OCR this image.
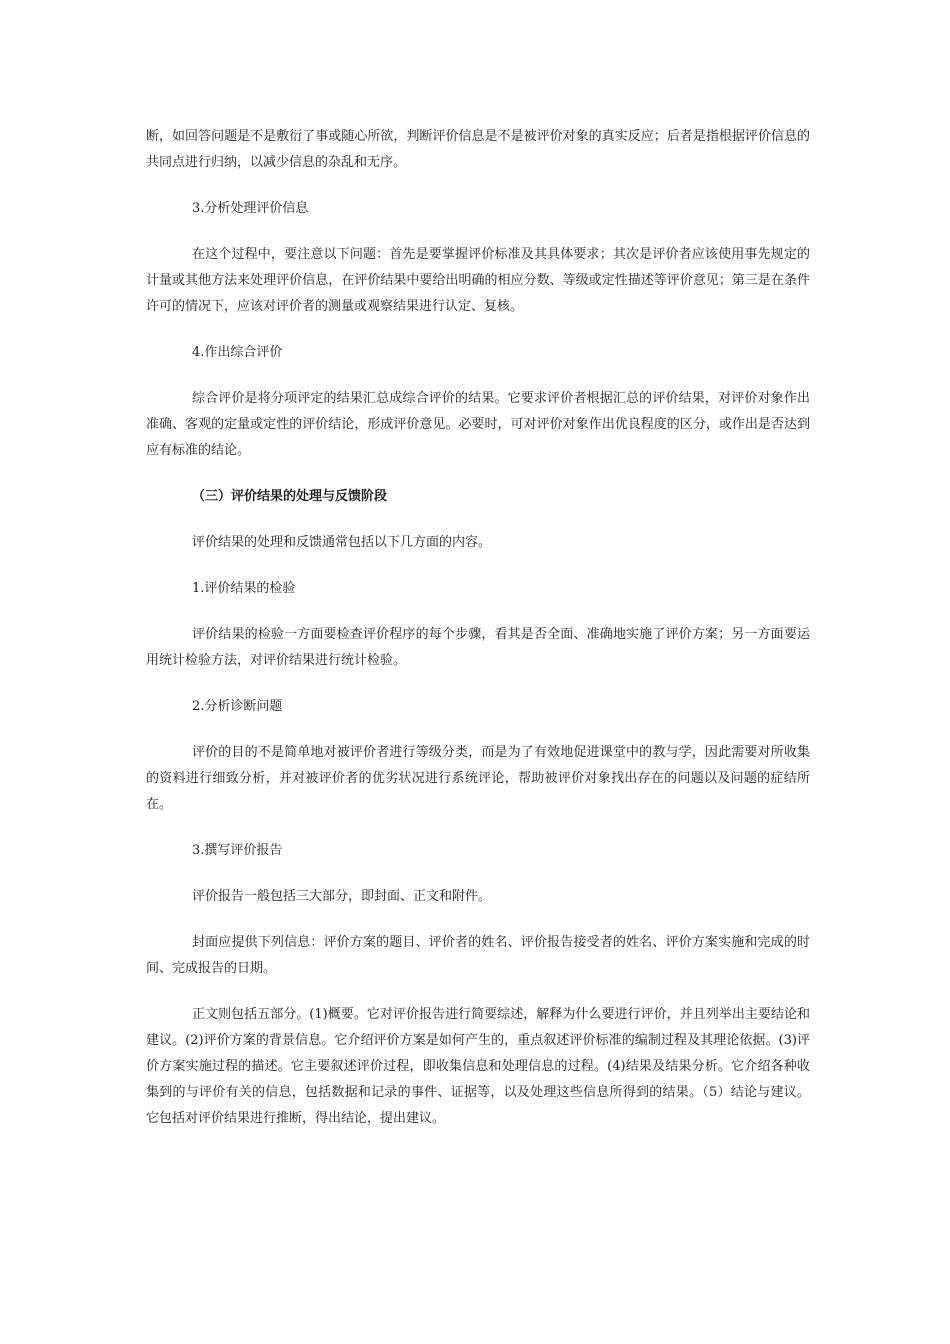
断，如回答问题是不是敷衍了事或随心所欲，判断评价信息是不是被评价对象的真实反应；后者是指根据评价信息的共同点进行归纳，以减少信息的杂乱和无序。

3.分析处理评价信息

在这个过程中，要注意以下问题：首先是要掌握评价标准及其具体要求；其次是评价者应该使用事先规定的计量或其他方法来处理评价信息，在评价结果中要给出明确的相应分数、等级或定性描述等评价意见；第三是在条件许可的情况下，应该对评价者的测量或观察结果进行认定、复核。

4.作出综合评价

综合评价是将分项评定的结果汇总成综合评价的结果。它要求评价者根据汇总的评价结果，对评价对象作出准确、客观的定量或定性的评价结论，形成评价意见。必要时，可对评价对象作出优良程度的区分，或作出是否达到应有标准的结论。

（三）评价结果的处理与反馈阶段

评价结果的处理和反馈通常包括以下几方面的内容。

1.评价结果的检验

评价结果的检验一方面要检查评价程序的每个步骤，看其是否全面、准确地实施了评价方案；另一方面要运用统计检验方法，对评价结果进行统计检验。

2.分析诊断问题

评价的目的不是简单地对被评价者进行等级分类，而是为了有效地促进课堂中的教与学，因此需要对所收集的资料进行细致分析，并对被评价者的优劣状况进行系统评论，帮助被评价对象找出存在的问题以及问题的症结所在。

3.撰写评价报告

评价报告一般包括三大部分，即封面、正文和附件。

封面应提供下列信息：评价方案的题目、评价者的姓名、评价报告接受者的姓名、评价方案实施和完成的时间、完成报告的日期。

正文则包括五部分。(1)概要。它对评价报告进行简要综述，解释为什么要进行评价，并且列举出主要结论和建议。(2)评价方案的背景信息。它介绍评价方案是如何产生的，重点叙述评价标准的编制过程及其理论依据。(3)评价方案实施过程的描述。它主要叙述评价过程，即收集信息和处理信息的过程。(4)结果及结果分析。它介绍各种收集到的与评价有关的信息，包括数据和记录的事件、证据等，以及处理这些信息所得到的结果。（5）结论与建议。它包括对评价结果进行推断，得出结论，提出建议。
